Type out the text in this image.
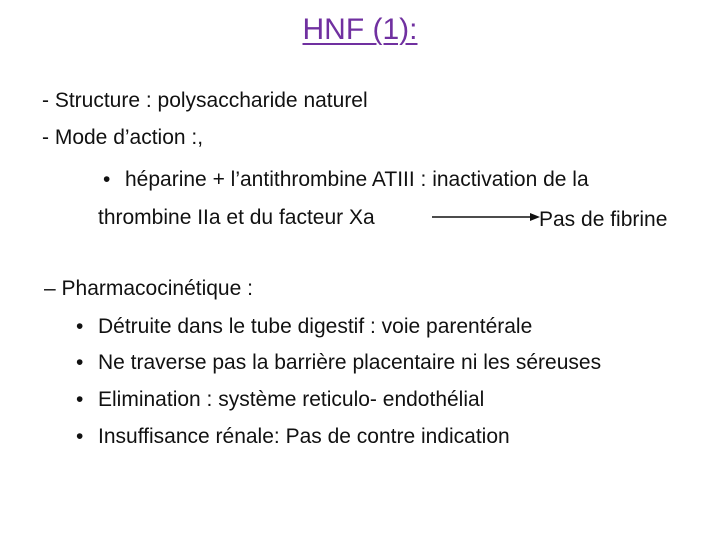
HNF (1):
- Structure : polysaccharide naturel
- Mode d’action :,
• héparine + l’antithrombine ATIII : inactivation de la
thrombine IIa et du facteur Xa	Pas de fibrine
– Pharmacocinétique :
• Détruite dans le tube digestif : voie parentérale
• Ne traverse pas la barrière placentaire ni les séreuses
• Elimination : système reticulo- endothélial
• Insuffisance rénale: Pas de contre indication
